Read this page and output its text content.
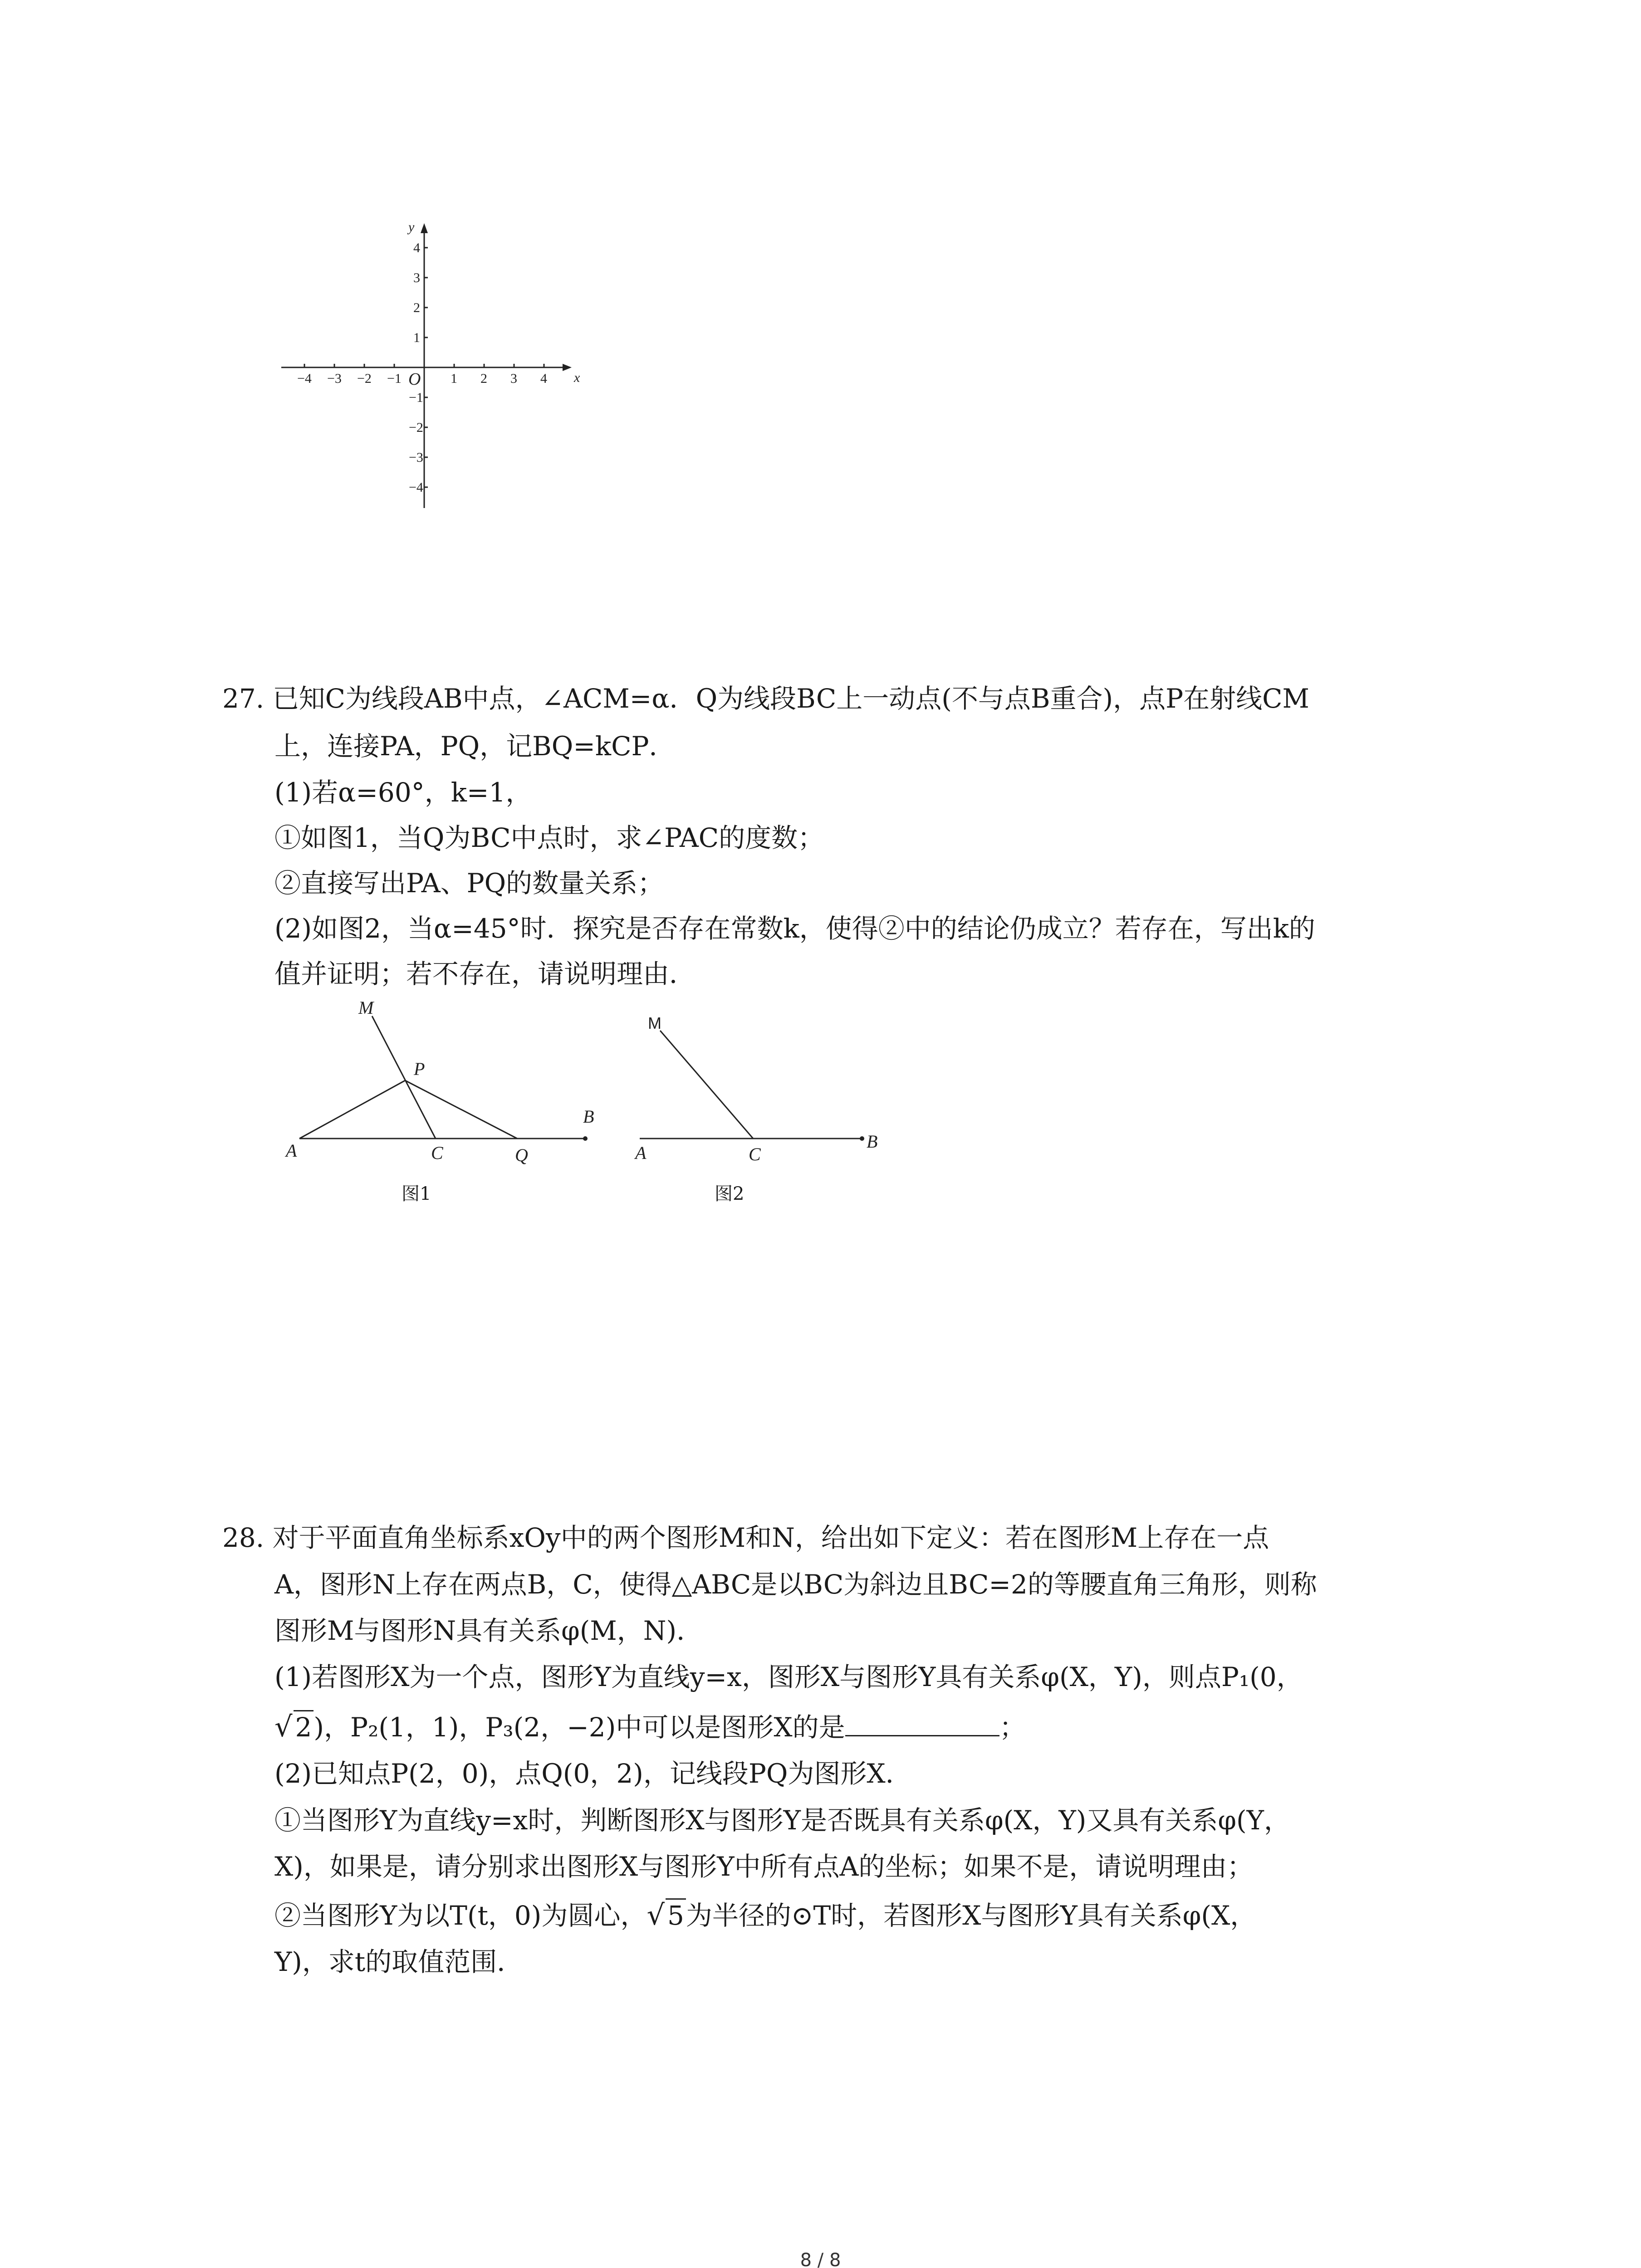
−4 −3 −2 −1	1 2 3 4
4
3
2
1
−1
−2
−3
−4
O	x
y
27. 已知C为线段AB中点，∠ACM=α．Q为线段BC上一动点(不与点B重合)，点P在射线CM
上，连接PA，PQ，记BQ=kCP．
(1)若α=60°，k=1，
①如图1，当Q为BC中点时，求∠PAC的度数；
②直接写出PA、PQ的数量关系；
(2)如图2，当α=45°时．探究是否存在常数k，使得②中的结论仍成立？若存在，写出k的
值并证明；若不存在，请说明理由．
M
P
A	C	Q
B
图1
M
A	C
B
图2
28. 对于平面直角坐标系xOy中的两个图形M和N，给出如下定义：若在图形M上存在一点
A，图形N上存在两点B，C，使得△ABC是以BC为斜边且BC=2的等腰直角三角形，则称
图形M与图形N具有关系φ(M，N)．
(1)若图形X为一个点，图形Y为直线y=x，图形X与图形Y具有关系φ(X，Y)，则点P₁(0，
√ 2)，P₂(1，1)，P₃(2，−2)中可以是图形X的是	；
(2)已知点P(2，0)，点Q(0，2)，记线段PQ为图形X．
①当图形Y为直线y=x时，判断图形X与图形Y是否既具有关系φ(X，Y)又具有关系φ(Y，
X)，如果是，请分别求出图形X与图形Y中所有点A的坐标；如果不是，请说明理由；
②当图形Y为以T(t，0)为圆心，√ 5为半径的⊙T时，若图形X与图形Y具有关系φ(X，
Y)，求t的取值范围．
8 / 8
